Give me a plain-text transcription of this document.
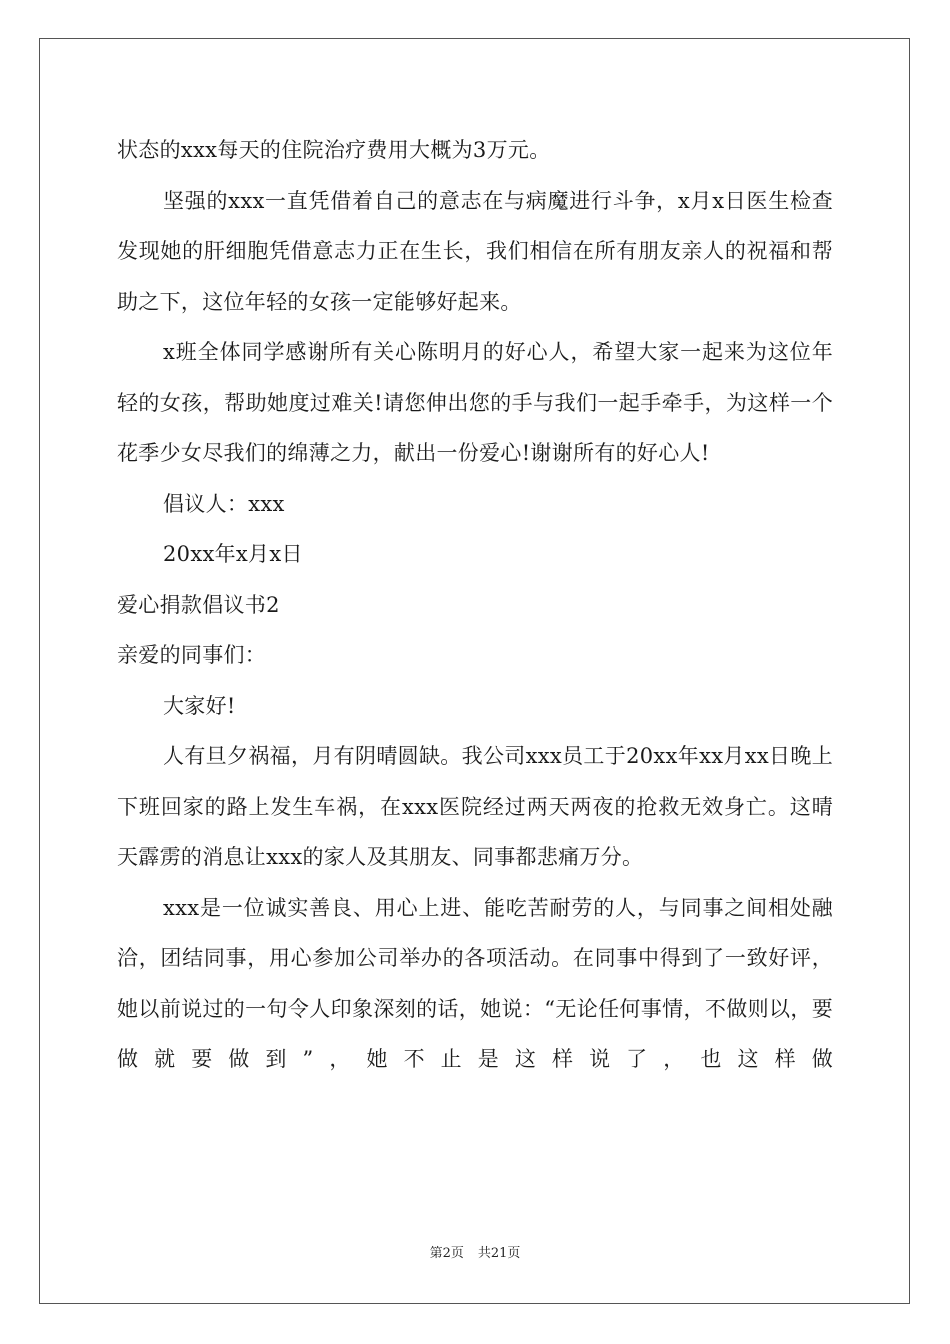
状态的xxx每天的住院治疗费用大概为3万元。

坚强的xxx一直凭借着自己的意志在与病魔进行斗争，x月x日医生检查发现她的肝细胞凭借意志力正在生长，我们相信在所有朋友亲人的祝福和帮助之下，这位年轻的女孩一定能够好起来。

x班全体同学感谢所有关心陈明月的好心人，希望大家一起来为这位年轻的女孩，帮助她度过难关!请您伸出您的手与我们一起手牵手，为这样一个花季少女尽我们的绵薄之力，献出一份爱心!谢谢所有的好心人!

倡议人：xxx

20xx年x月x日

爱心捐款倡议书2

亲爱的同事们：

大家好!

人有旦夕祸福，月有阴晴圆缺。我公司xxx员工于20xx年xx月xx日晚上下班回家的路上发生车祸，在xxx医院经过两天两夜的抢救无效身亡。这晴天霹雳的消息让xxx的家人及其朋友、同事都悲痛万分。

xxx是一位诚实善良、用心上进、能吃苦耐劳的人，与同事之间相处融洽，团结同事，用心参加公司举办的各项活动。在同事中得到了一致好评，她以前说过的一句令人印象深刻的话，她说：“无论任何事情，不做则以，要做就要做到”，她不止是这样说了，也这样做

第2页 共21页
